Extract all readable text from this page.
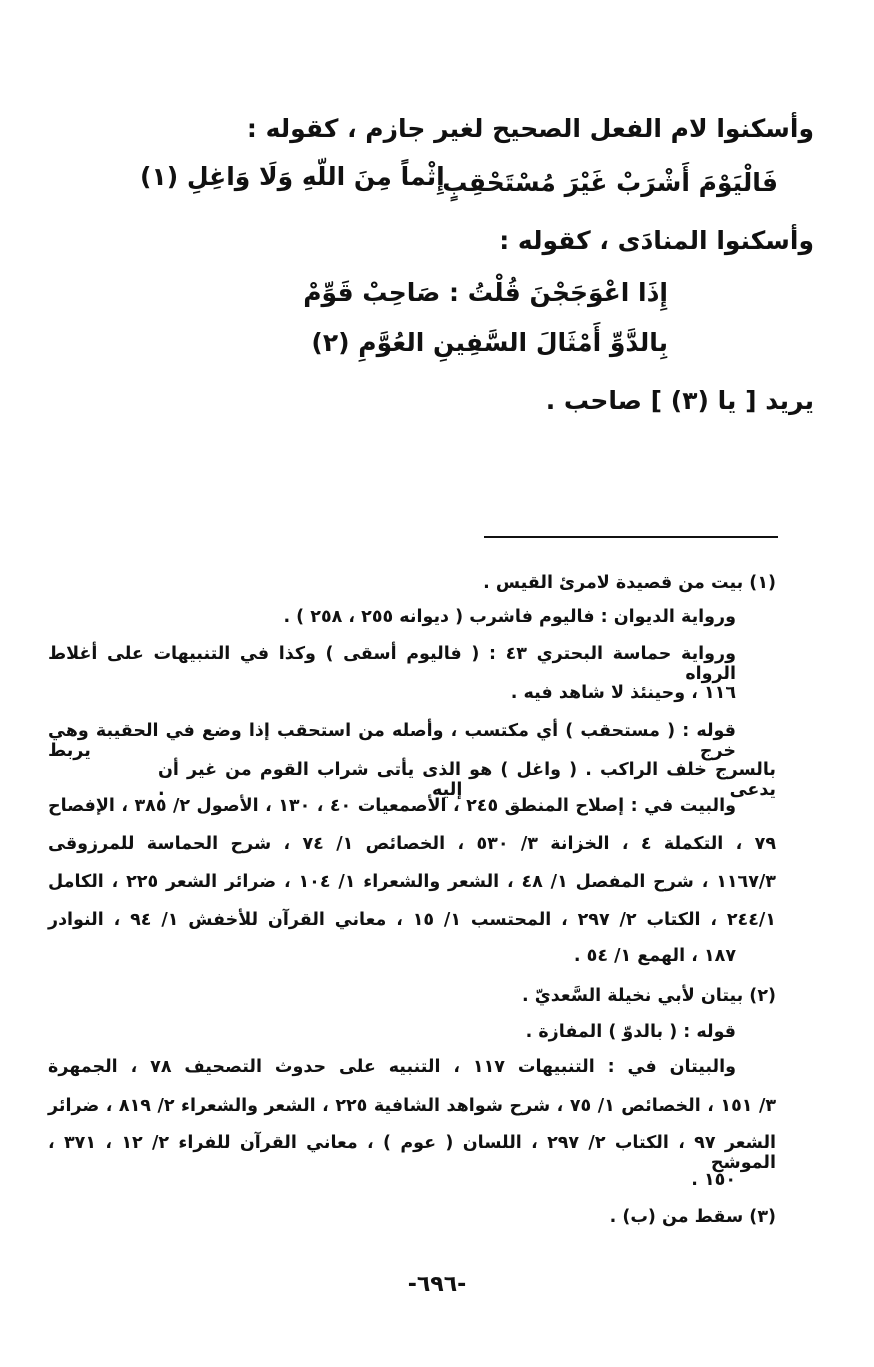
وأسكنوا لام الفعل الصحيح لغير جازم ، كقوله :
فَالْيَوْمَ أَشْرَبْ غَيْرَ مُسْتَحْقِبٍ
إِثْماً مِنَ اللّهِ وَلَا وَاغِلِ (١)
وأسكنوا المنادَى ، كقوله :
إِذَا اعْوَجَجْنَ قُلْتُ : صَاحِبْ قَوِّمْ
بِالدَّوِّ أَمْثَالَ السَّفِينِ العُوَّمِ (٢)
يريد [ يا (٣) ] صاحب .
(١) بيت من قصيدة لامرئ القيس .
ورواية الديوان : فاليوم فاشرب ( ديوانه ٢٥٥ ، ٢٥٨ ) .
ورواية حماسة البحتري ٤٣ : ( فاليوم أسقى ) وكذا في التنبيهات على أغلاط الرواه
١١٦ ، وحينئذ لا شاهد فيه .
قوله : ( مستحقب ) أي مكتسب ، وأصله من استحقب إذا وضع في الحقيبة وهي خرج يربط
بالسرج خلف الراكب . ( واغل ) هو الذى يأتى شراب القوم من غير أن يدعى إليه .
والبيت في : إصلاح المنطق ٢٤٥ ، الأصمعيات ٤٠ ، ١٣٠ ، الأصول ٢/ ٣٨٥ ، الإفصاح
٧٩ ، التكملة ٤ ، الخزانة ٣/ ٥٣٠ ، الخصائص ١/ ٧٤ ، شرح الحماسة للمرزوقى
١١٦٧/٣ ، شرح المفصل ١/ ٤٨ ، الشعر والشعراء ١/ ١٠٤ ، ضرائر الشعر ٢٢٥ ، الكامل
٢٤٤/١ ، الكتاب ٢/ ٢٩٧ ، المحتسب ١/ ١٥ ، معاني القرآن للأخفش ١/ ٩٤ ، النوادر
١٨٧ ، الهمع ١/ ٥٤ .
(٢) بيتان لأبي نخيلة السَّعديّ .
قوله : ( بالدوّ ) المفازة .
والبيتان في : التنبيهات ١١٧ ، التنبيه على حدوث التصحيف ٧٨ ، الجمهرة
٣/ ١٥١ ، الخصائص ١/ ٧٥ ، شرح شواهد الشافية ٢٢٥ ، الشعر والشعراء ٢/ ٨١٩ ، ضرائر
الشعر ٩٧ ، الكتاب ٢/ ٢٩٧ ، اللسان ( عوم ) ، معاني القرآن للفراء ٢/ ١٢ ، ٣٧١ ، الموشح
١٥٠ .
(٣) سقط من (ب) .
-٦٩٦-
